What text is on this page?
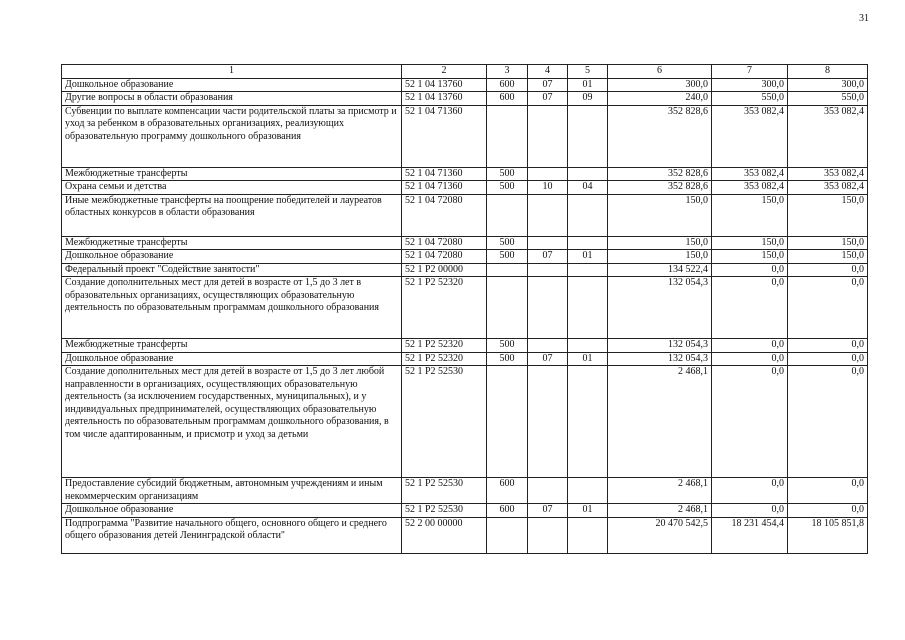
31
1	2	3	4	5	6	7	8
Дошкольное образование	52 1 04 13760	600	07	01	300,0	300,0	300,0
Другие вопросы в области образования	52 1 04 13760	600	07	09	240,0	550,0	550,0
Субвенции по выплате компенсации части родительской платы за присмотр и уход за ребенком в образовательных организациях, реализующих образовательную программу дошкольного образования	52 1 04 71360				352 828,6	353 082,4	353 082,4
Межбюджетные трансферты	52 1 04 71360	500			352 828,6	353 082,4	353 082,4
Охрана семьи и детства	52 1 04 71360	500	10	04	352 828,6	353 082,4	353 082,4
Иные межбюджетные трансферты на поощрение победителей и лауреатов областных конкурсов в области образования	52 1 04 72080				150,0	150,0	150,0
Межбюджетные трансферты	52 1 04 72080	500			150,0	150,0	150,0
Дошкольное образование	52 1 04 72080	500	07	01	150,0	150,0	150,0
Федеральный проект "Содействие занятости"	52 1 P2 00000				134 522,4	0,0	0,0
Создание дополнительных мест для детей в возрасте от 1,5 до 3 лет в образовательных организациях, осуществляющих образовательную деятельность по образовательным программам дошкольного образования	52 1 P2 52320				132 054,3	0,0	0,0
Межбюджетные трансферты	52 1 P2 52320	500			132 054,3	0,0	0,0
Дошкольное образование	52 1 P2 52320	500	07	01	132 054,3	0,0	0,0
Создание дополнительных мест для детей в возрасте от 1,5 до 3 лет любой направленности в организациях, осуществляющих образовательную деятельность (за исключением государственных, муниципальных), и у индивидуальных предпринимателей, осуществляющих образовательную деятельность по образовательным программам дошкольного образования, в том числе адаптированным, и присмотр и уход за детьми	52 1 P2 52530				2 468,1	0,0	0,0
Предоставление субсидий бюджетным, автономным учреждениям и иным некоммерческим организациям	52 1 P2 52530	600			2 468,1	0,0	0,0
Дошкольное образование	52 1 P2 52530	600	07	01	2 468,1	0,0	0,0
Подпрограмма "Развитие начального общего, основного общего и среднего общего образования детей Ленинградской области"	52 2 00 00000				20 470 542,5	18 231 454,4	18 105 851,8
